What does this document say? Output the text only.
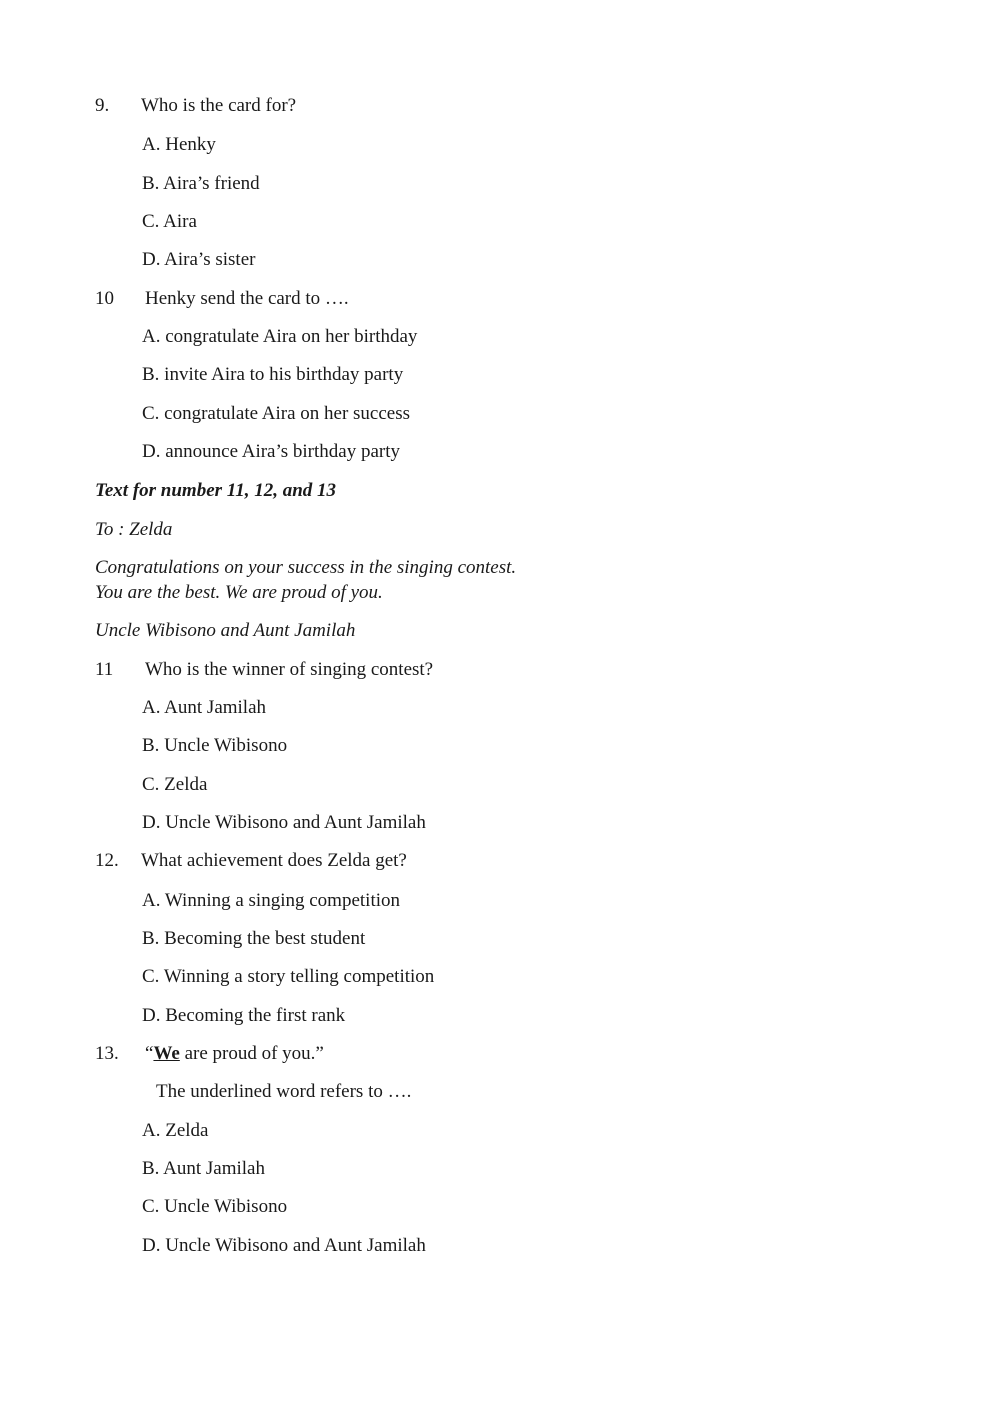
9. Who is the card for?
A. Henky
B. Aira’s friend
C. Aira
D. Aira’s sister
10 Henky send the card to ….
A. congratulate Aira on her birthday
B. invite Aira to his birthday party
C. congratulate Aira on her success
D. announce Aira’s birthday party
Text for number 11, 12, and 13
To : Zelda
Congratulations on your success in the singing contest.
You are the best. We are proud of you.
Uncle Wibisono and Aunt Jamilah
11 Who is the winner of singing contest?
A. Aunt Jamilah
B. Uncle Wibisono
C. Zelda
D. Uncle Wibisono and Aunt Jamilah
12. What achievement does Zelda get?
A. Winning a singing competition
B. Becoming the best student
C. Winning a story telling competition
D. Becoming the first rank
13. “We are proud of you.”
The underlined word refers to ….
A. Zelda
B. Aunt Jamilah
C. Uncle Wibisono
D. Uncle Wibisono and Aunt Jamilah
